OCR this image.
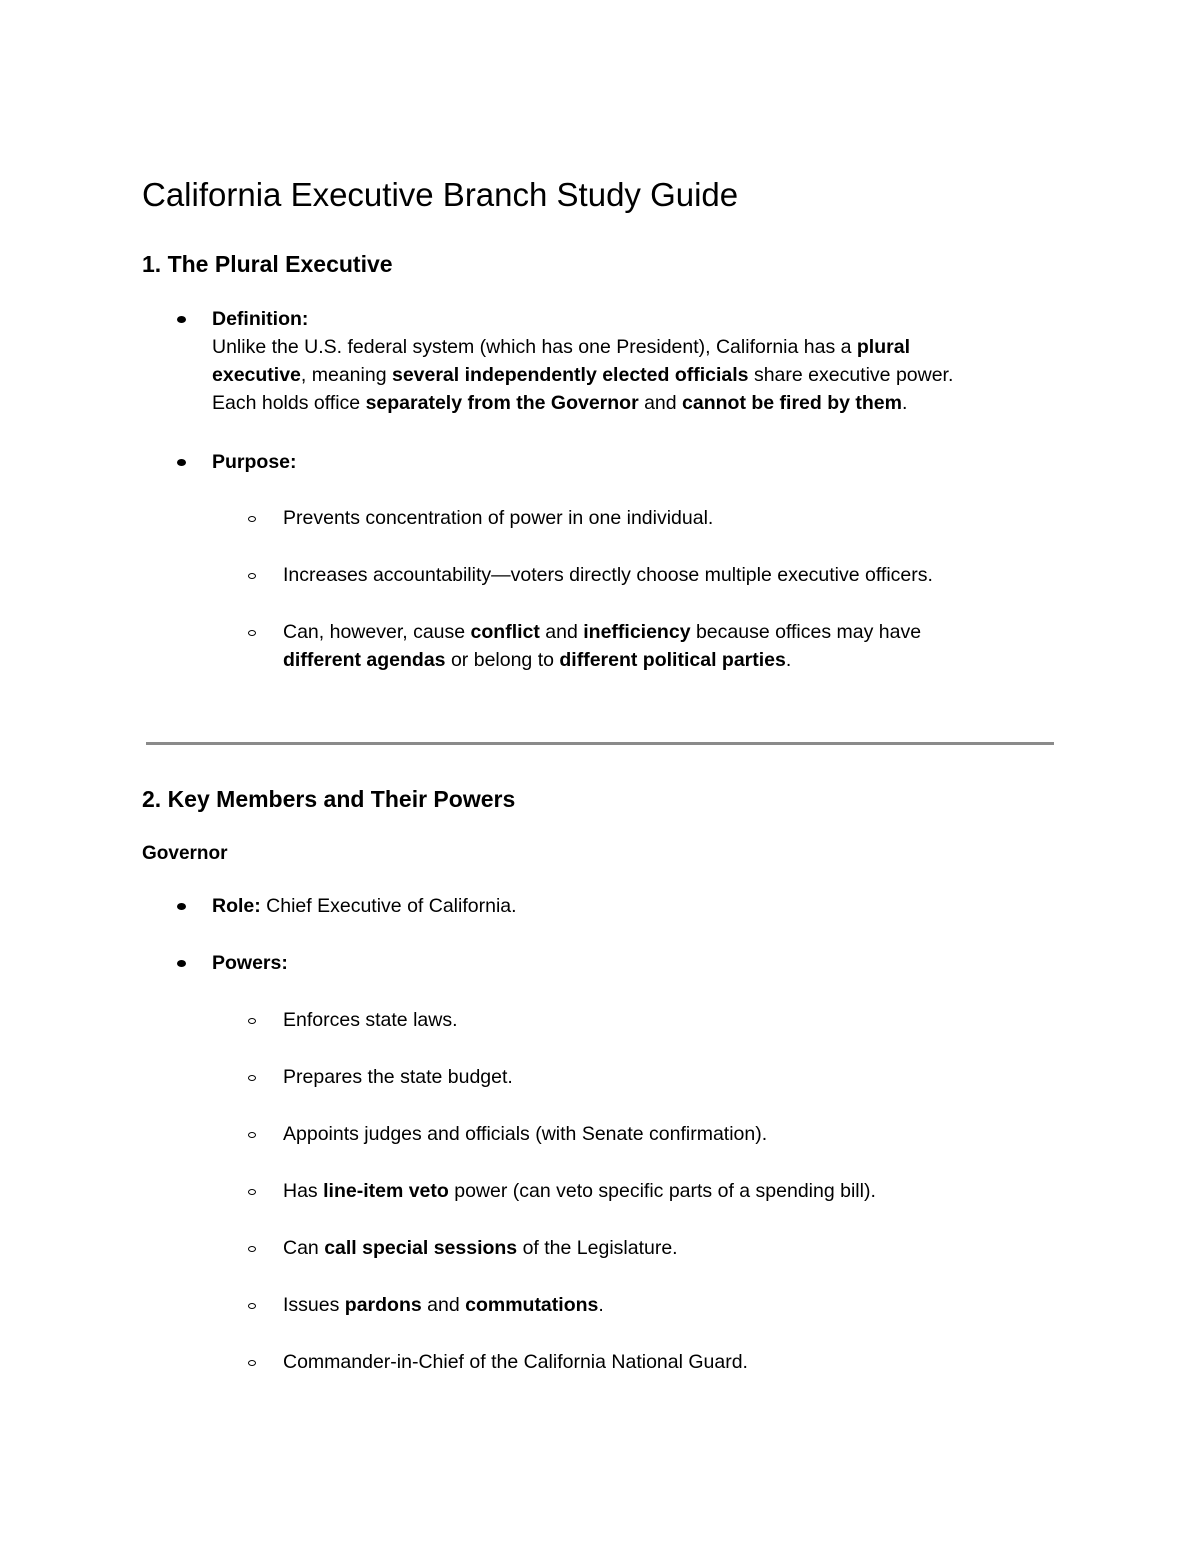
California Executive Branch Study Guide
1. The Plural Executive

Definition:

Unlike the U.S. federal system (which has one President), California has a plural

executive, meaning several independently elected officials share executive power.

Each holds office separately from the Governor and cannot be fired by them.

Purpose:

Prevents concentration of power in one individual.

Increases accountability—voters directly choose multiple executive officers.

Can, however, cause conflict and inefficiency because offices may have

different agendas or belong to different political parties.

2. Key Members and Their Powers
Governor

Role: Chief Executive of California.

Powers:

Enforces state laws.

Prepares the state budget.

Appoints judges and officials (with Senate confirmation).

Has line-item veto power (can veto specific parts of a spending bill).

Can call special sessions of the Legislature.

Issues pardons and commutations.

Commander-in-Chief of the California National Guard.
